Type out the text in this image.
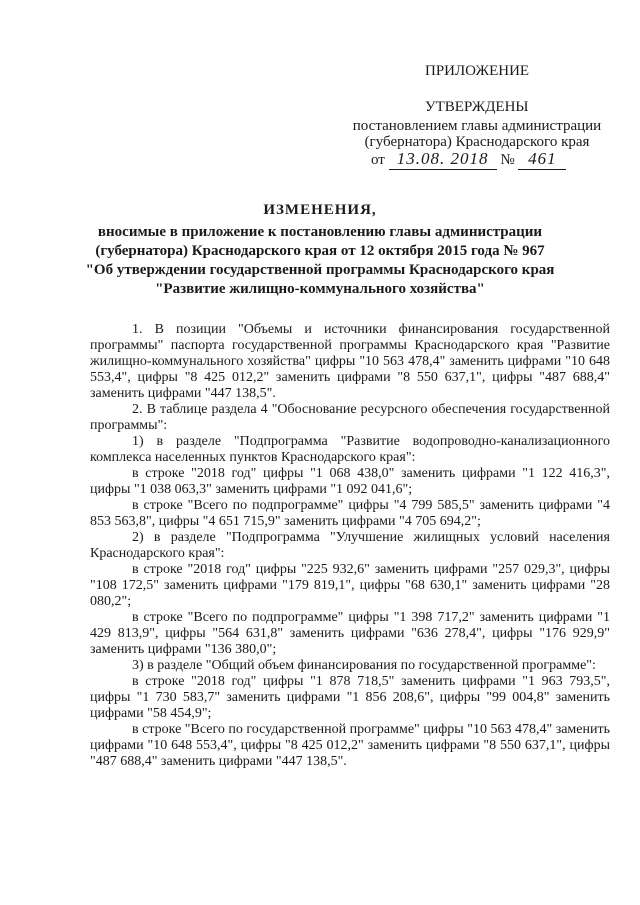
ПРИЛОЖЕНИЕ
УТВЕРЖДЕНЫ
постановлением главы администрации
(губернатора) Краснодарского края
от 13.08. 2018 № 461
ИЗМЕНЕНИЯ,
вносимые в приложение к постановлению главы администрации
(губернатора) Краснодарского края от 12 октября 2015 года № 967
"Об утверждении государственной программы Краснодарского края
"Развитие жилищно-коммунального хозяйства"

1. В позиции "Объемы и источники финансирования государственной программы" паспорта государственной программы Краснодарского края "Развитие жилищно-коммунального хозяйства" цифры "10 563 478,4" заменить цифрами "10 648 553,4", цифры "8 425 012,2" заменить цифрами "8 550 637,1", цифры "487 688,4" заменить цифрами "447 138,5".

2. В таблице раздела 4 "Обоснование ресурсного обеспечения государственной программы":

1) в разделе "Подпрограмма "Развитие водопроводно-канализационного комплекса населенных пунктов Краснодарского края":

в строке "2018 год" цифры "1 068 438,0" заменить цифрами "1 122 416,3", цифры "1 038 063,3" заменить цифрами "1 092 041,6";

в строке "Всего по подпрограмме" цифры "4 799 585,5" заменить цифрами "4 853 563,8", цифры "4 651 715,9" заменить цифрами "4 705 694,2";

2) в разделе "Подпрограмма "Улучшение жилищных условий населения Краснодарского края":

в строке "2018 год" цифры "225 932,6" заменить цифрами "257 029,3", цифры "108 172,5" заменить цифрами "179 819,1", цифры "68 630,1" заменить цифрами "28 080,2";

в строке "Всего по подпрограмме" цифры "1 398 717,2" заменить цифрами "1 429 813,9", цифры "564 631,8" заменить цифрами "636 278,4", цифры "176 929,9" заменить цифрами "136 380,0";

3) в разделе "Общий объем финансирования по государственной программе":

в строке "2018 год" цифры "1 878 718,5" заменить цифрами "1 963 793,5", цифры "1 730 583,7" заменить цифрами "1 856 208,6", цифры "99 004,8" заменить цифрами "58 454,9";

в строке "Всего по государственной программе" цифры "10 563 478,4" заменить цифрами "10 648 553,4", цифры "8 425 012,2" заменить цифрами "8 550 637,1", цифры "487 688,4" заменить цифрами "447 138,5".
